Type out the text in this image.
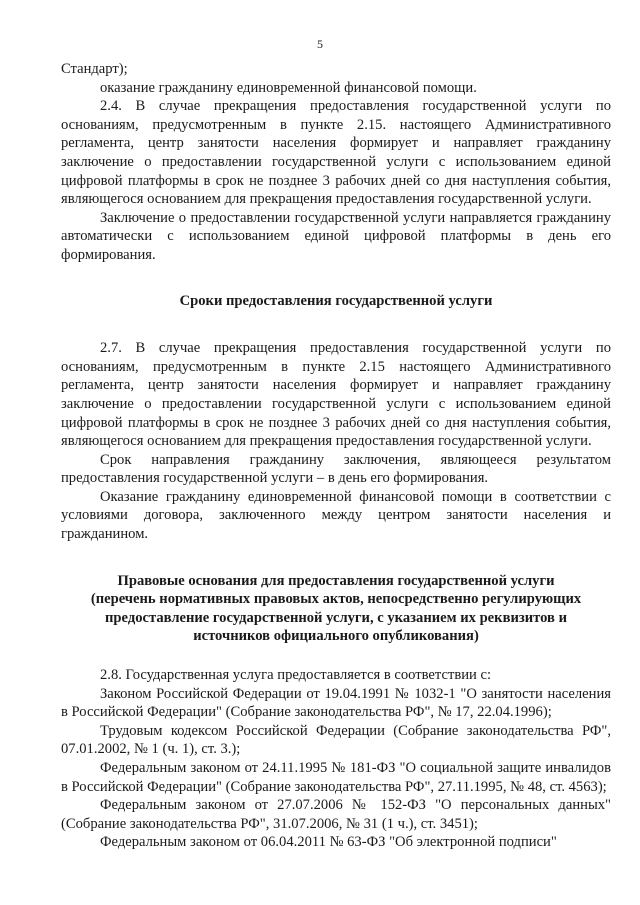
5

Стандарт);

оказание гражданину единовременной финансовой помощи.

2.4. В случае прекращения предоставления государственной услуги по основаниям, предусмотренным в пункте 2.15. настоящего Административного регламента, центр занятости населения формирует и направляет гражданину заключение о предоставлении государственной услуги с использованием единой цифровой платформы в срок не позднее 3 рабочих дней со дня наступления события, являющегося основанием для прекращения предоставления государственной услуги.

Заключение о предоставлении государственной услуги направляется гражданину автоматически с использованием единой цифровой платформы в день его формирования.

Сроки предоставления государственной услуги

2.7. В случае прекращения предоставления государственной услуги по основаниям, предусмотренным в пункте 2.15 настоящего Административного регламента, центр занятости населения формирует и направляет гражданину заключение о предоставлении государственной услуги с использованием единой цифровой платформы в срок не позднее 3 рабочих дней со дня наступления события, являющегося основанием для прекращения предоставления государственной услуги.

Срок направления гражданину заключения, являющееся результатом предоставления государственной услуги – в день его формирования.

Оказание гражданину единовременной финансовой помощи в соответствии с условиями договора, заключенного между центром занятости населения и гражданином.

Правовые основания для предоставления государственной услуги
(перечень нормативных правовых актов, непосредственно регулирующих
предоставление государственной услуги, с указанием их реквизитов и
источников официального опубликования)

2.8. Государственная услуга предоставляется в соответствии с:

Законом Российской Федерации от 19.04.1991 № 1032-1 "О занятости населения в Российской Федерации" (Собрание законодательства РФ", № 17, 22.04.1996);

Трудовым кодексом Российской Федерации (Собрание законодательства РФ", 07.01.2002, № 1 (ч. 1), ст. 3.);

Федеральным законом от 24.11.1995 № 181-ФЗ "О социальной защите инвалидов в Российской Федерации" (Собрание законодательства РФ", 27.11.1995, № 48, ст. 4563);

Федеральным законом от 27.07.2006 № 152-ФЗ "О персональных данных" (Собрание законодательства РФ", 31.07.2006, № 31 (1 ч.), ст. 3451);

Федеральным законом от 06.04.2011 № 63-ФЗ "Об электронной подписи"
